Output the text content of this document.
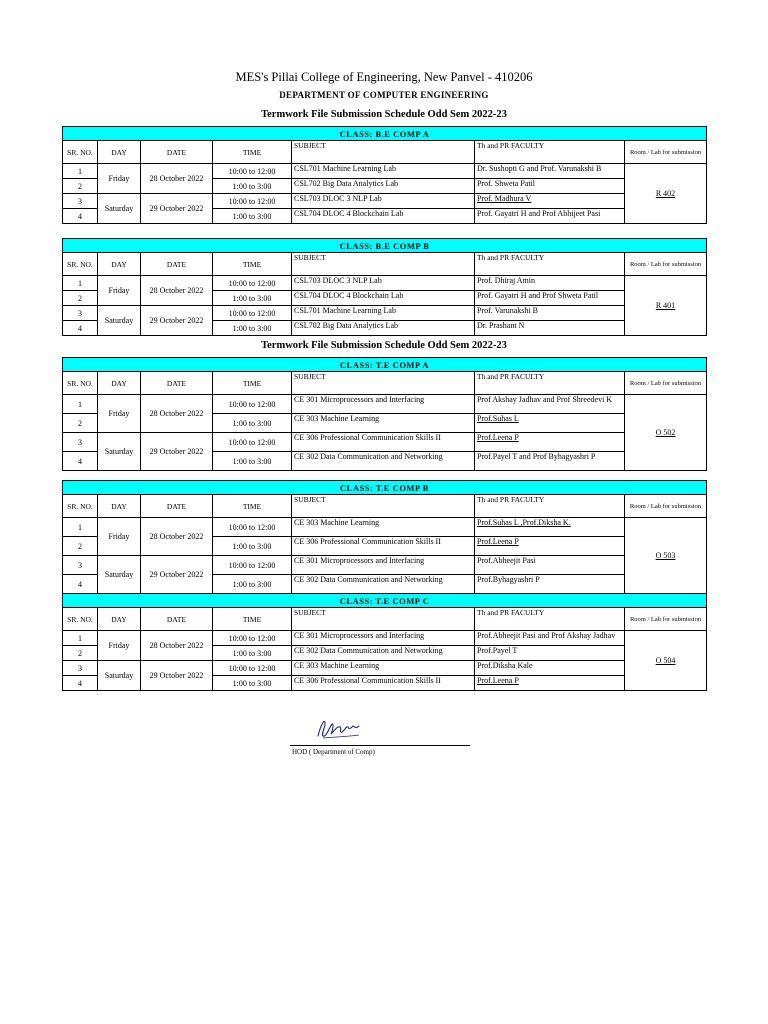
MES's Pillai College of Engineering, New Panvel - 410206
DEPARTMENT OF COMPUTER ENGINEERING
Termwork File Submission Schedule Odd Sem 2022-23
Termwork File Submission Schedule Odd Sem 2022-23
CLASS: B.E COMP A						
SR. NO.	DAY	DATE	TIME	SUBJECT	Th and PR FACULTY	Room / Lab for submission
1	Friday	28 October 2022	10:00 to 12:00	CSL701 Machine Learning Lab	Dr. Sushopti G and Prof. Varunakshi B	R 402
2			1:00 to 3:00	CSL702 Big Data Analytics Lab	Prof. Shweta Patil	
3	Saturday	29 October 2022	10:00 to 12:00	CSL703 DLOC 3 NLP Lab	Prof. Madhura V	
4			1:00 to 3:00	CSL704 DLOC 4 Blockchain Lab	Prof. Gayatri H and Prof Abhijeet Pasi	
CLASS: B.E COMP B						
SR. NO.	DAY	DATE	TIME	SUBJECT	Th and PR FACULTY	Room / Lab for submission
1	Friday	28 October 2022	10:00 to 12:00	CSL703 DLOC 3 NLP Lab	Prof. Dhiraj Amin	R 401
2			1:00 to 3:00	CSL704 DLOC 4 Blockchain Lab	Prof. Gayatri H and Prof Shweta Patil	
3	Saturday	29 October 2022	10:00 to 12:00	CSL701 Machine Learning Lab	Prof. Varunakshi B	
4			1:00 to 3:00	CSL702 Big Data Analytics Lab	Dr. Prashant N	
CLASS: T.E COMP A						
SR. NO.	DAY	DATE	TIME	SUBJECT	Th and PR FACULTY	Room / Lab for submission
1	Friday	28 October 2022	10:00 to 12:00	CE 301 Microprocessors and Interfacing	Prof Akshay Jadhav and Prof Shreedevi K	O 502
2			1:00 to 3:00	CE 303 Machine Learning	Prof.Suhas L	
3	Saturday	29 October 2022	10:00 to 12:00	CE 306 Professional Communication Skills II	Prof.Leena P	
4			1:00 to 3:00	CE 302 Data Communication and Networking	Prof.Payel T and Prof Byhagyashri P	
CLASS: T.E COMP B						
SR. NO.	DAY	DATE	TIME	SUBJECT	Th and PR FACULTY	Room / Lab for submission
1	Friday	28 October 2022	10:00 to 12:00	CE 303 Machine Learning	Prof.Suhas L ,Prof.Diksha K.	O 503
2			1:00 to 3:00	CE 306 Professional Communication Skills II	Prof.Leena P	
3	Saturday	29 October 2022	10:00 to 12:00	CE 301 Microprocessors and Interfacing	Prof.Abheejit Pasi	
4			1:00 to 3:00	CE 302 Data Communication and Networking	Prof.Byhagyashri P	
CLASS: T.E COMP C						
SR. NO.	DAY	DATE	TIME	SUBJECT	Th and PR FACULTY	Room / Lab for submission
1	Friday	28 October 2022	10:00 to 12:00	CE 301 Microprocessors and Interfacing	Prof.Abheejit Pasi and Prof Akshay Jadhav	O 504
2			1:00 to 3:00	CE 302 Data Communication and Networking	Prof.Payel T	
3	Saturday	29 October 2022	10:00 to 12:00	CE 303 Machine Learning	Prof.Diksha Kale	
4			1:00 to 3:00	CE 306 Professional Communication Skills II	Prof.Leena P	
HOD ( Department of Comp)
